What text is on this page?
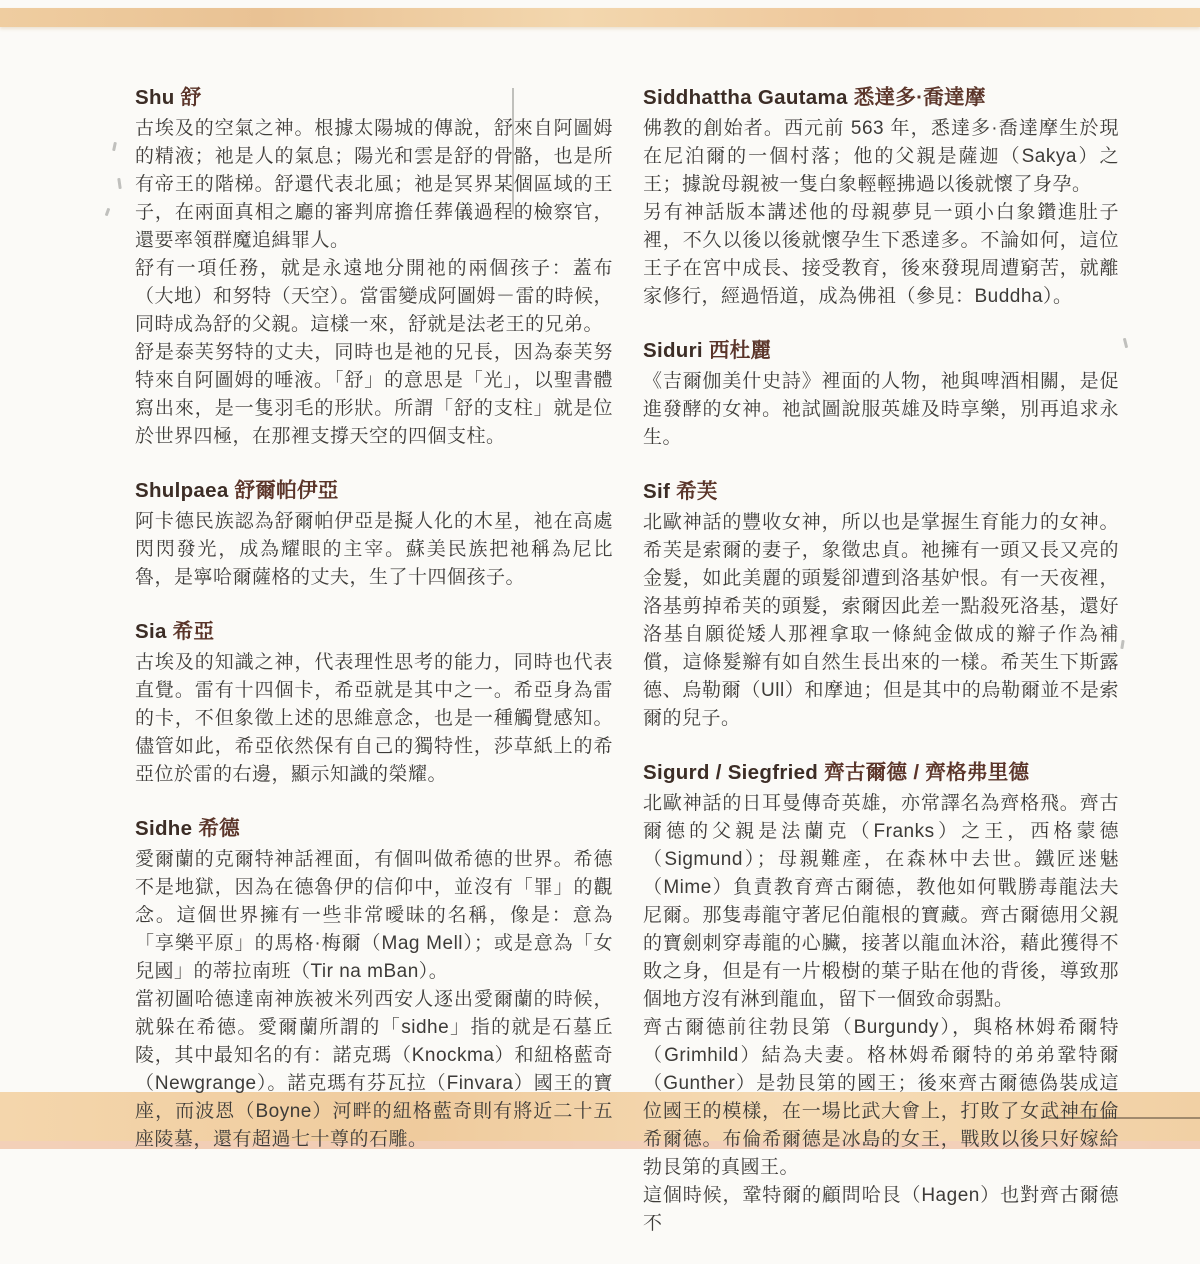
Shu 舒

古埃及的空氣之神。根據太陽城的傳說，舒來自阿圖姆的精液；祂是人的氣息；陽光和雲是舒的骨骼，也是所有帝王的階梯。舒還代表北風；祂是冥界某個區域的王子，在兩面真相之廳的審判席擔任葬儀過程的檢察官，還要率領群魔追緝罪人。

舒有一項任務，就是永遠地分開祂的兩個孩子：蓋布（大地）和努特（天空）。當雷變成阿圖姆－雷的時候，同時成為舒的父親。這樣一來，舒就是法老王的兄弟。

舒是泰芙努特的丈夫，同時也是祂的兄長，因為泰芙努特來自阿圖姆的唾液。「舒」的意思是「光」，以聖書體寫出來，是一隻羽毛的形狀。所謂「舒的支柱」就是位於世界四極，在那裡支撐天空的四個支柱。

Shulpaea 舒爾帕伊亞

阿卡德民族認為舒爾帕伊亞是擬人化的木星，祂在高處閃閃發光，成為耀眼的主宰。蘇美民族把祂稱為尼比魯，是寧哈爾薩格的丈夫，生了十四個孩子。

Sia 希亞

古埃及的知識之神，代表理性思考的能力，同時也代表直覺。雷有十四個卡，希亞就是其中之一。希亞身為雷的卡，不但象徵上述的思維意念，也是一種觸覺感知。儘管如此，希亞依然保有自己的獨特性，莎草紙上的希亞位於雷的右邊，顯示知識的榮耀。

Sidhe 希德

愛爾蘭的克爾特神話裡面，有個叫做希德的世界。希德不是地獄，因為在德魯伊的信仰中，並沒有「罪」的觀念。這個世界擁有一些非常曖昧的名稱，像是：意為「享樂平原」的馬格·梅爾（Mag Mell）；或是意為「女兒國」的蒂拉南班（Tir na mBan）。

當初圖哈德達南神族被米列西安人逐出愛爾蘭的時候，就躲在希德。愛爾蘭所謂的「sidhe」指的就是石墓丘陵，其中最知名的有：諾克瑪（Knockma）和紐格藍奇（Newgrange）。諾克瑪有芬瓦拉（Finvara）國王的寶座，而波恩（Boyne）河畔的紐格藍奇則有將近二十五座陵墓，還有超過七十尊的石雕。

Siddhattha Gautama 悉達多·喬達摩

佛教的創始者。西元前 563 年，悉達多·喬達摩生於現在尼泊爾的一個村落；他的父親是薩迦（Sakya）之王；據說母親被一隻白象輕輕拂過以後就懷了身孕。

另有神話版本講述他的母親夢見一頭小白象鑽進肚子裡，不久以後以後就懷孕生下悉達多。不論如何，這位王子在宮中成長、接受教育，後來發現周遭窮苦，就離家修行，經過悟道，成為佛祖（參見：Buddha）。

Siduri 西杜麗

《吉爾伽美什史詩》裡面的人物，祂與啤酒相關，是促進發酵的女神。祂試圖說服英雄及時享樂，別再追求永生。

Sif 希芙

北歐神話的豐收女神，所以也是掌握生育能力的女神。希芙是索爾的妻子，象徵忠貞。祂擁有一頭又長又亮的金髮，如此美麗的頭髮卻遭到洛基妒恨。有一天夜裡，洛基剪掉希芙的頭髮，索爾因此差一點殺死洛基，還好洛基自願從矮人那裡拿取一條純金做成的辮子作為補償，這條髮辮有如自然生長出來的一樣。希芙生下斯露德、烏勒爾（Ull）和摩迪；但是其中的烏勒爾並不是索爾的兒子。

Sigurd / Siegfried 齊古爾德 / 齊格弗里德

北歐神話的日耳曼傳奇英雄，亦常譯名為齊格飛。齊古爾德的父親是法蘭克（Franks）之王，西格蒙德（Sigmund）；母親難產，在森林中去世。鐵匠迷魅（Mime）負責教育齊古爾德，教他如何戰勝毒龍法夫尼爾。那隻毒龍守著尼伯龍根的寶藏。齊古爾德用父親的寶劍刺穿毒龍的心臟，接著以龍血沐浴，藉此獲得不敗之身，但是有一片椴樹的葉子貼在他的背後，導致那個地方沒有淋到龍血，留下一個致命弱點。

齊古爾德前往勃艮第（Burgundy），與格林姆希爾特（Grimhild）結為夫妻。格林姆希爾特的弟弟鞏特爾（Gunther）是勃艮第的國王；後來齊古爾德偽裝成這位國王的模樣，在一場比武大會上，打敗了女武神布倫希爾德。布倫希爾德是冰島的女王，戰敗以後只好嫁給勃艮第的真國王。

這個時候，鞏特爾的顧問哈艮（Hagen）也對齊古爾德不
